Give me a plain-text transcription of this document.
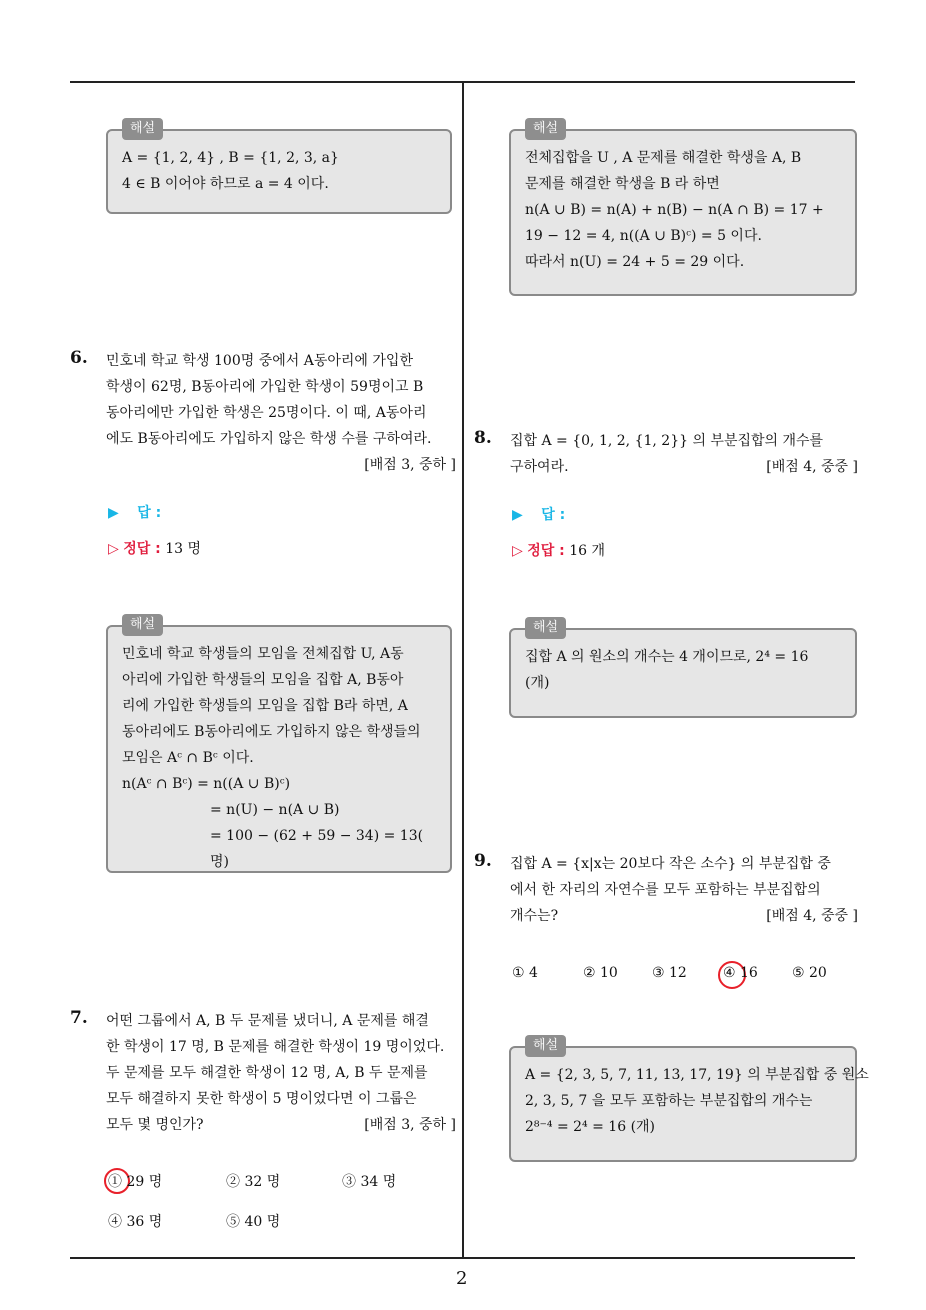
2
해설
A = {1, 2, 4} , B = {1, 2, 3, a}
4 ∈ B 이어야 하므로 a = 4 이다.
6. 민호네 학교 학생 100명 중에서 A동아리에 가입한
학생이 62명, B동아리에 가입한 학생이 59명이고 B
동아리에만 가입한 학생은 25명이다. 이 때, A동아리
에도 B동아리에도 가입하지 않은 학생 수를 구하여라.
[배점 3, 중하 ]
▶ 답 :
▷ 정답 : 13 명
해설
민호네 학교 학생들의 모임을 전체집합 U, A동
아리에 가입한 학생들의 모임을 집합 A, B동아
리에 가입한 학생들의 모임을 집합 B라 하면, A
동아리에도 B동아리에도 가입하지 않은 학생들의
모임은 Aᶜ ∩ Bᶜ 이다.
n(Aᶜ ∩ Bᶜ) = n((A ∪ B)ᶜ)
= n(U) − n(A ∪ B)
= 100 − (62 + 59 − 34) = 13( 명)
7. 어떤 그룹에서 A, B 두 문제를 냈더니, A 문제를 해결
한 학생이 17 명, B 문제를 해결한 학생이 19 명이었다.
두 문제를 모두 해결한 학생이 12 명, A, B 두 문제를
모두 해결하지 못한 학생이 5 명이었다면 이 그룹은
모두 몇 명인가?	[배점 3, 중하 ]
① 29 명	② 32 명	③ 34 명
④ 36 명	⑤ 40 명
해설
전체집합을 U , A 문제를 해결한 학생을 A, B
문제를 해결한 학생을 B 라 하면
n(A ∪ B) = n(A) + n(B) − n(A ∩ B) = 17 +
19 − 12 = 4, n((A ∪ B)ᶜ) = 5 이다.
따라서 n(U) = 24 + 5 = 29 이다.
8. 집합 A = {0, 1, 2, {1, 2}} 의 부분집합의 개수를
구하여라.	[배점 4, 중중 ]
▶ 답 :
▷ 정답 : 16 개
해설
집합 A 의 원소의 개수는 4 개이므로, 2⁴ = 16
(개)
9. 집합 A = {x|x는 20보다 작은 소수} 의 부분집합 중
에서 한 자리의 자연수를 모두 포함하는 부분집합의
개수는?	[배점 4, 중중 ]
① 4	② 10 ③ 12	④ 16 ⑤ 20
해설
A = {2, 3, 5, 7, 11, 13, 17, 19} 의 부분집합 중 원소
2, 3, 5, 7 을 모두 포함하는 부분집합의 개수는
2⁸⁻⁴ = 2⁴ = 16 (개)
